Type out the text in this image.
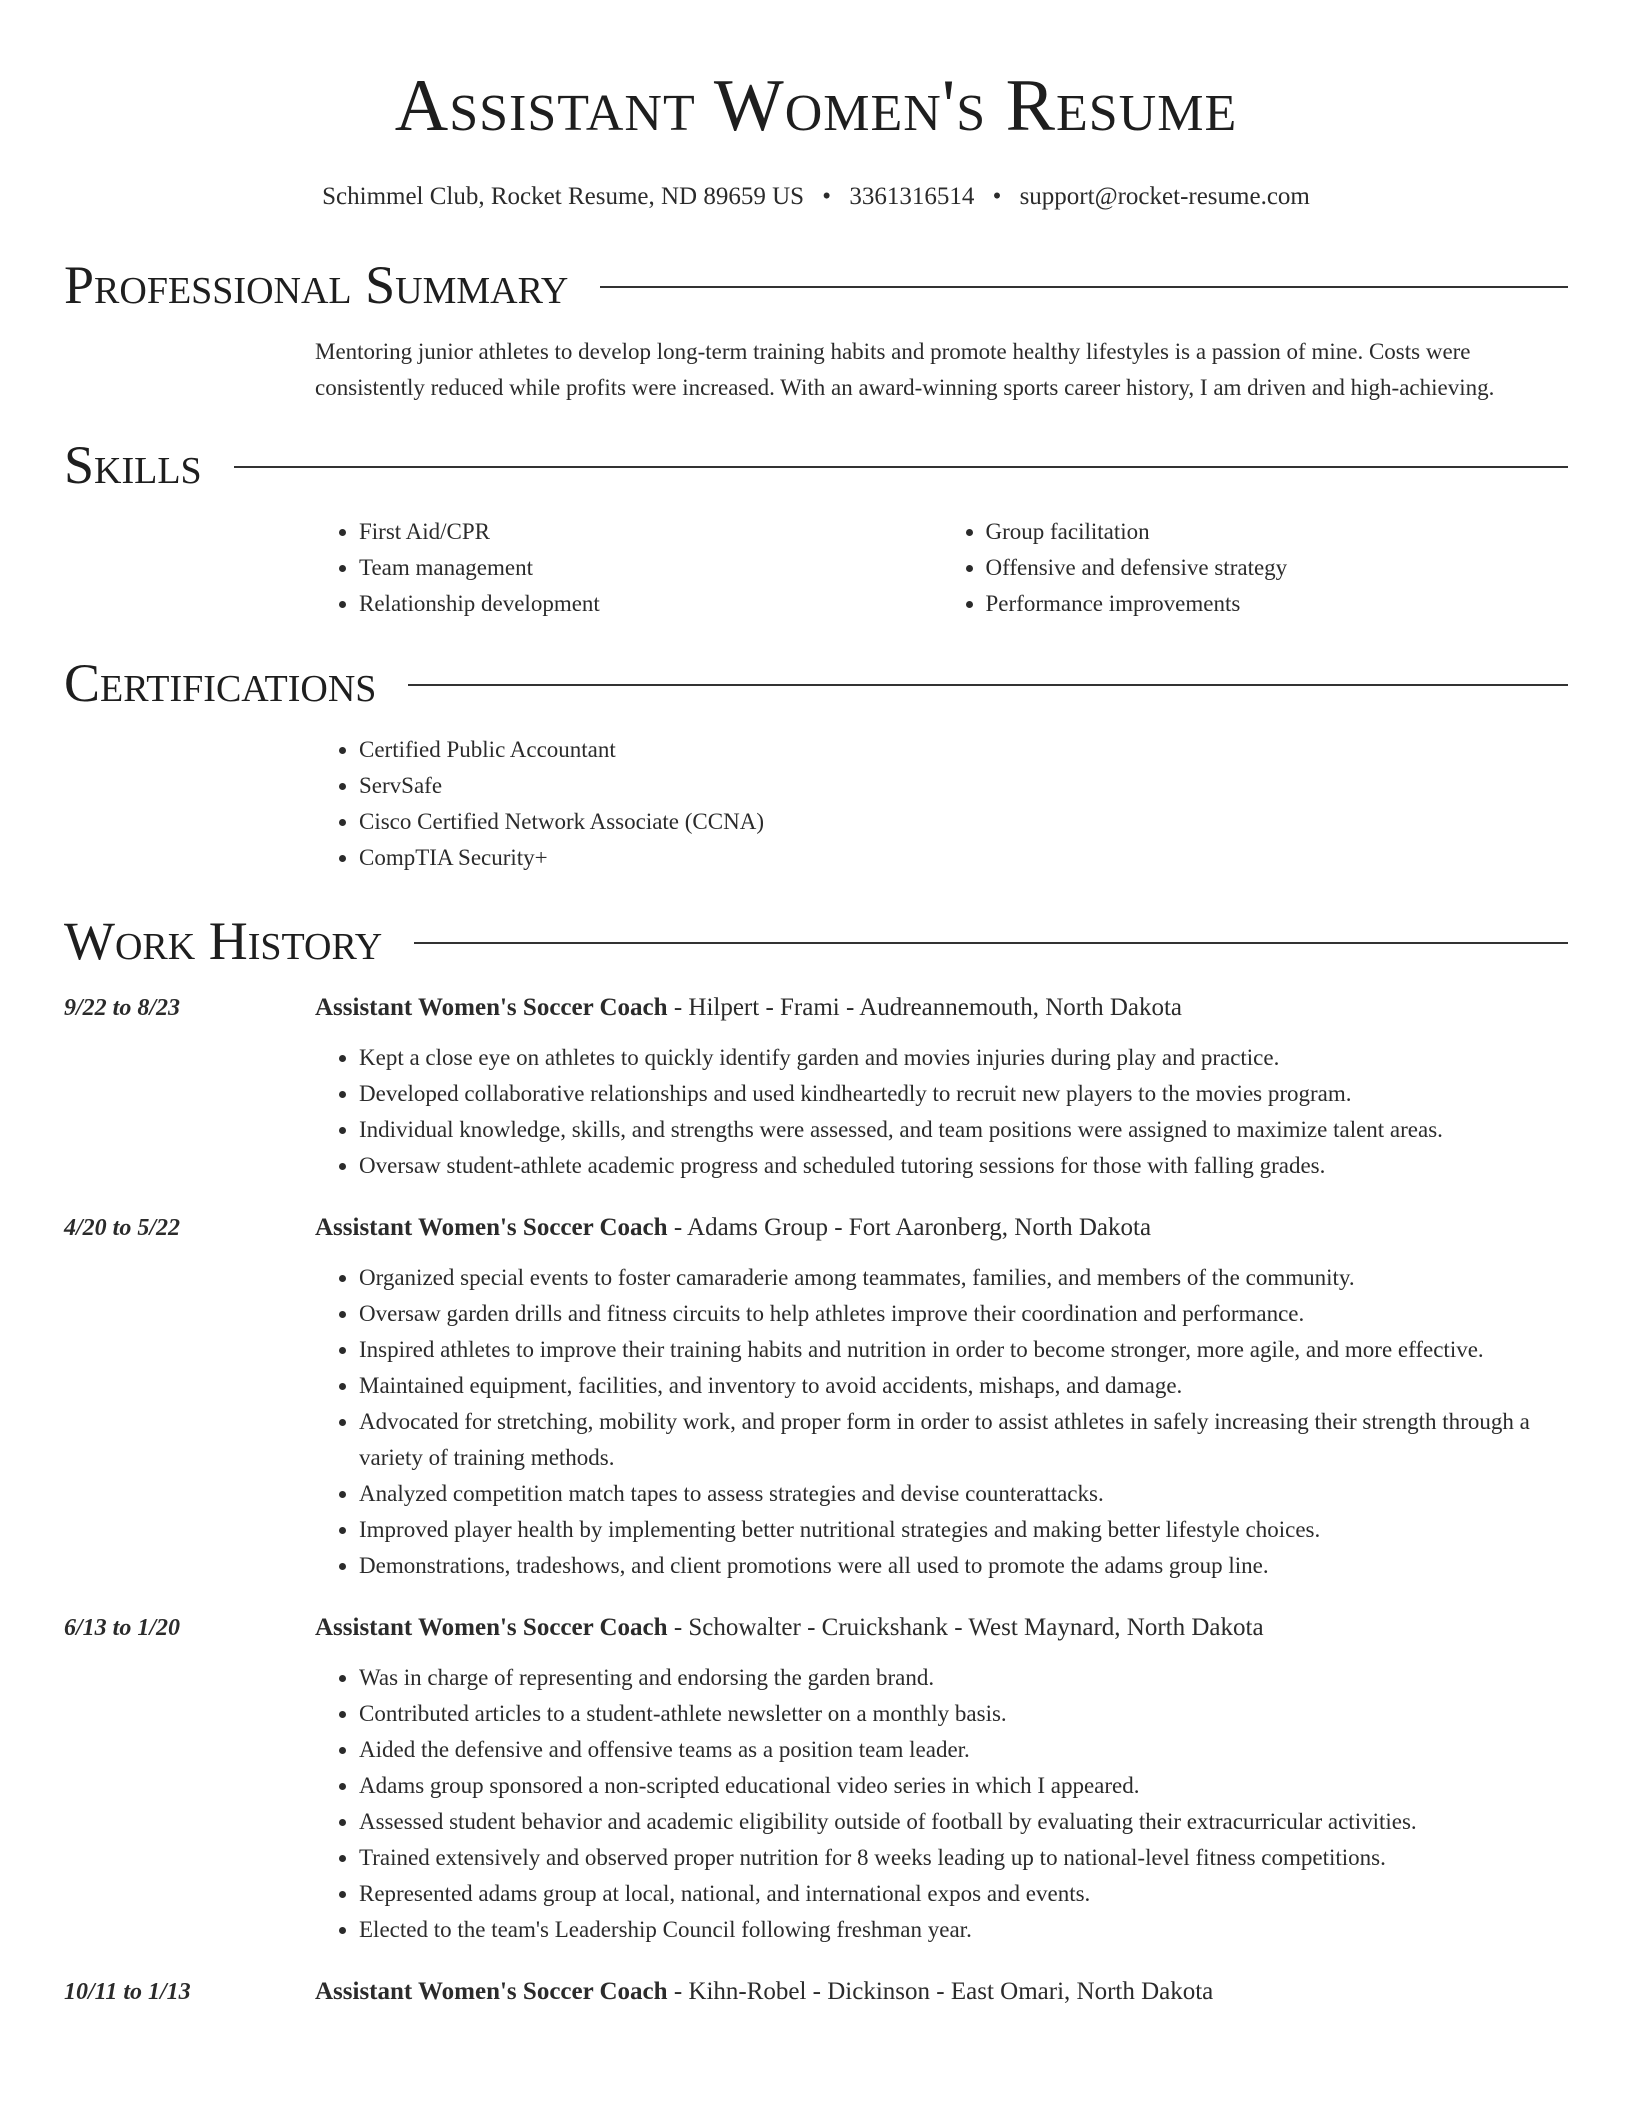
Assistant Women's Resume
Schimmel Club, Rocket Resume, ND 89659 US • 3361316514 • support@rocket-resume.com
Professional Summary

Mentoring junior athletes to develop long-term training habits and promote healthy lifestyles is a passion of mine. Costs were consistently reduced while profits were increased. With an award-winning sports career history, I am driven and high-achieving.

Skills
• First Aid/CPR
• Team management
• Relationship development
• Group facilitation
• Offensive and defensive strategy
• Performance improvements
Certifications
• Certified Public Accountant
• ServSafe
• Cisco Certified Network Associate (CCNA)
• CompTIA Security+
Work History
9/22 to 8/23	Assistant Women's Soccer Coach - Hilpert - Frami - Audreannemouth, North Dakota
• Kept a close eye on athletes to quickly identify garden and movies injuries during play and practice.
• Developed collaborative relationships and used kindheartedly to recruit new players to the movies program.
• Individual knowledge, skills, and strengths were assessed, and team positions were assigned to maximize talent areas.
• Oversaw student-athlete academic progress and scheduled tutoring sessions for those with falling grades.
4/20 to 5/22	Assistant Women's Soccer Coach - Adams Group - Fort Aaronberg, North Dakota
• Organized special events to foster camaraderie among teammates, families, and members of the community.
• Oversaw garden drills and fitness circuits to help athletes improve their coordination and performance.
• Inspired athletes to improve their training habits and nutrition in order to become stronger, more agile, and more effective.
• Maintained equipment, facilities, and inventory to avoid accidents, mishaps, and damage.
• Advocated for stretching, mobility work, and proper form in order to assist athletes in safely increasing their strength through a variety of training methods.
• Analyzed competition match tapes to assess strategies and devise counterattacks.
• Improved player health by implementing better nutritional strategies and making better lifestyle choices.
• Demonstrations, tradeshows, and client promotions were all used to promote the adams group line.
6/13 to 1/20	Assistant Women's Soccer Coach - Schowalter - Cruickshank - West Maynard, North Dakota
• Was in charge of representing and endorsing the garden brand.
• Contributed articles to a student-athlete newsletter on a monthly basis.
• Aided the defensive and offensive teams as a position team leader.
• Adams group sponsored a non-scripted educational video series in which I appeared.
• Assessed student behavior and academic eligibility outside of football by evaluating their extracurricular activities.
• Trained extensively and observed proper nutrition for 8 weeks leading up to national-level fitness competitions.
• Represented adams group at local, national, and international expos and events.
• Elected to the team's Leadership Council following freshman year.
10/11 to 1/13	Assistant Women's Soccer Coach - Kihn-Robel - Dickinson - East Omari, North Dakota
